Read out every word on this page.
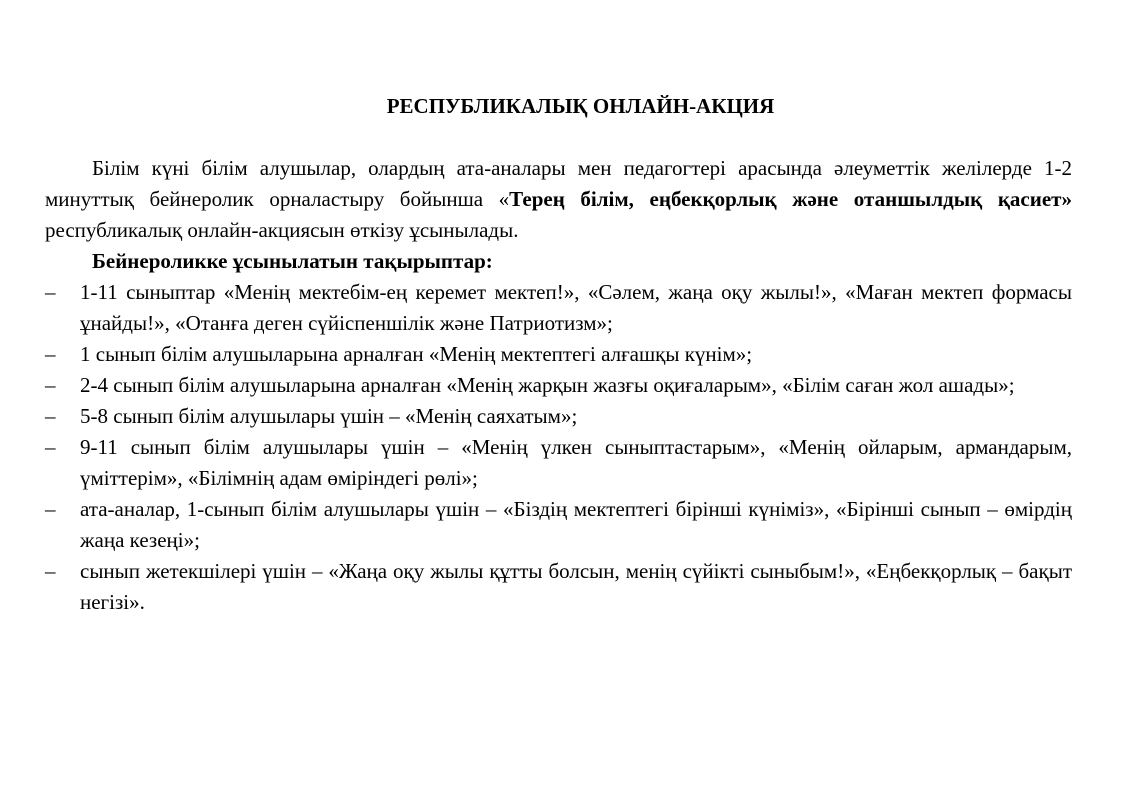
РЕСПУБЛИКАЛЫҚ ОНЛАЙН-АКЦИЯ

Білім күні білім алушылар, олардың ата-аналары мен педагогтері арасында әлеуметтік желілерде 1-2 минуттық бейнеролик орналастыру бойынша «Терең білім, еңбекқорлық және отаншылдық қасиет» республикалық онлайн-акциясын өткізу ұсынылады.

Бейнероликке ұсынылатын тақырыптар:

– 1-11 сыныптар «Менің мектебім-ең керемет мектеп!», «Сәлем, жаңа оқу жылы!», «Маған мектеп формасы ұнайды!», «Отанға деген сүйіспеншілік және Патриотизм»;
– 1 сынып білім алушыларына арналған «Менің мектептегі алғашқы күнім»;
– 2-4 сынып білім алушыларына арналған «Менің жарқын жазғы оқиғаларым», «Білім саған жол ашады»;
– 5-8 сынып білім алушылары үшін – «Менің саяхатым»;
– 9-11 сынып білім алушылары үшін – «Менің үлкен сыныптастарым», «Менің ойларым, армандарым, үміттерім», «Білімнің адам өміріндегі рөлі»;
– ата-аналар, 1-сынып білім алушылары үшін – «Біздің мектептегі бірінші күніміз», «Бірінші сынып – өмірдің жаңа кезеңі»;
– сынып жетекшілері үшін – «Жаңа оқу жылы құтты болсын, менің сүйікті сыныбым!», «Еңбекқорлық – бақыт негізі».
